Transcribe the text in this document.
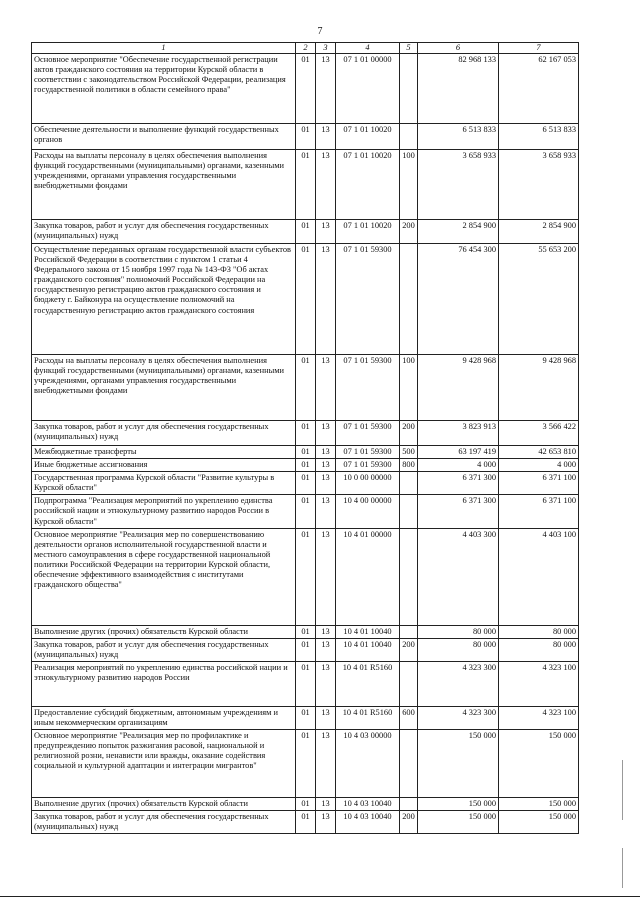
7
1	2	3	4	5	6	7
Основное мероприятие "Обеспечение государственной регистрации актов гражданского состояния на территории Курской области в соответствии с законодательством Российской Федерации, реализация государственной политики в области семейного права"	01	13	07 1 01 00000		82 968 133	62 167 053
Обеспечение деятельности и выполнение функций государственных органов	01	13	07 1 01 10020		6 513 833	6 513 833
Расходы на выплаты персоналу в целях обеспечения выполнения функций государственными (муниципальными) органами, казенными учреждениями, органами управления государственными внебюджетными фондами	01	13	07 1 01 10020	100	3 658 933	3 658 933
Закупка товаров, работ и услуг для обеспечения государственных (муниципальных) нужд	01	13	07 1 01 10020	200	2 854 900	2 854 900
Осуществление переданных органам государственной власти субъектов Российской Федерации в соответствии с пунктом 1 статьи 4 Федерального закона от 15 ноября 1997 года № 143-ФЗ "Об актах гражданского состояния" полномочий Российской Федерации на государственную регистрацию актов гражданского состояния и бюджету г. Байконура на осуществление полномочий на государственную регистрацию актов гражданского состояния	01	13	07 1 01 59300		76 454 300	55 653 200
Расходы на выплаты персоналу в целях обеспечения выполнения функций государственными (муниципальными) органами, казенными учреждениями, органами управления государственными внебюджетными фондами	01	13	07 1 01 59300	100	9 428 968	9 428 968
Закупка товаров, работ и услуг для обеспечения государственных (муниципальных) нужд	01	13	07 1 01 59300	200	3 823 913	3 566 422
Межбюджетные трансферты	01	13	07 1 01 59300	500	63 197 419	42 653 810
Иные бюджетные ассигнования	01	13	07 1 01 59300	800	4 000	4 000
Государственная программа Курской области "Развитие культуры в Курской области"	01	13	10 0 00 00000		6 371 300	6 371 100
Подпрограмма "Реализация мероприятий по укреплению единства российской нации и этнокультурному развитию народов России в Курской области"	01	13	10 4 00 00000		6 371 300	6 371 100
Основное мероприятие "Реализация мер по совершенствованию деятельности органов исполнительной государственной власти и местного самоуправления в сфере государственной национальной политики Российской Федерации на территории Курской области, обеспечение эффективного взаимодействия с институтами гражданского общества"	01	13	10 4 01 00000		4 403 300	4 403 100
Выполнение других (прочих) обязательств Курской области	01	13	10 4 01 10040		80 000	80 000
Закупка товаров, работ и услуг для обеспечения государственных (муниципальных) нужд	01	13	10 4 01 10040	200	80 000	80 000
Реализация мероприятий по укреплению единства российской нации и этнокультурному развитию народов России	01	13	10 4 01 R5160		4 323 300	4 323 100
Предоставление субсидий бюджетным, автономным учреждениям и иным некоммерческим организациям	01	13	10 4 01 R5160	600	4 323 300	4 323 100
Основное мероприятие "Реализация мер по профилактике и предупреждению попыток разжигания расовой, национальной и религиозной розни, ненависти или вражды, оказание содействия социальной и культурной адаптации и интеграции мигрантов"	01	13	10 4 03 00000		150 000	150 000
Выполнение других (прочих) обязательств Курской области	01	13	10 4 03 10040		150 000	150 000
Закупка товаров, работ и услуг для обеспечения государственных (муниципальных) нужд	01	13	10 4 03 10040	200	150 000	150 000
